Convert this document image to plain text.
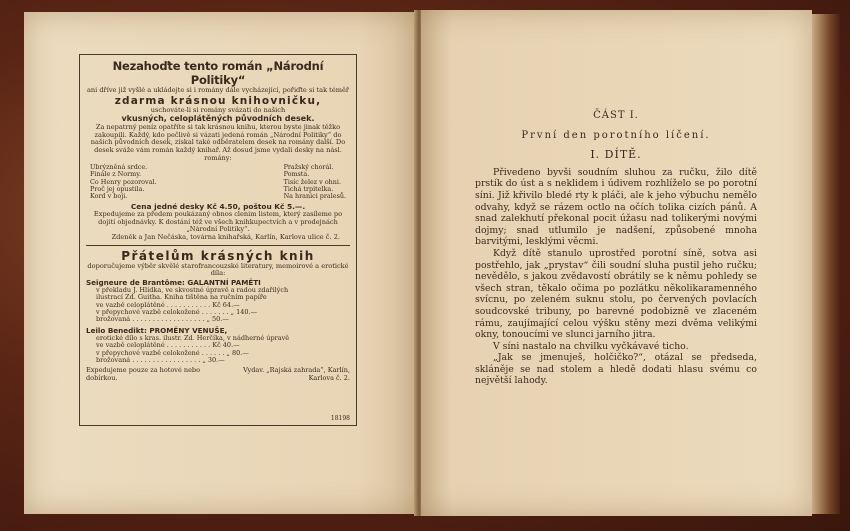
Nezahoďte tento román „Národní Politiky“
ani dříve již vyšlé a ukládejte si i romány dále vycházející, pořiďte si tak téměř
zdarma krásnou knihovničku,
uschováte-li si romány svázati do našich
vkusných, celoplátěných původních desek.
Za nepatrný peníz opatříte si tak krásnou knihu, kterou byste jinak těžko zakoupili. Každý, kdo pečlivě si vázati jedená román „Národní Politiky“ do našich původních desek, získal také odběratelem desek na romány další. Do desek sváže vám román každý knihař. Až dosud jsme vydali desky na násl. romány:
Ubrýzněná srdce.
Finále z Normy.
Co Henry pozoroval.
Proč jej opustila.
Kord v boji.
Pražský chorál.
Pomsta.
Tisíc želez v ohni.
Tichá trpitelka.
Na hranici pralesů.
Cena jedné desky Kč 4.50, poštou Kč 5.—.
Expedujeme za předem poukázaný obnos clenim listem, který zasíleme po dojití objednávky. K dostání též ve všech knihkupectvích a v prodejnách „Národní Politiky“.
Zdeněk a Jan Nečáska, továrna knihařská, Karlín, Karlova ulice č. 2.
Přátelům krásných knih
doporučujeme výběr skvělé starofrancouzské literatury, memoirové a erotické díla:
Seigneure de Brantôme: GALANTNÍ PAMĚTI
v překladu J. Hlídka, ve skvostné úpravě a radou zdařilých
ilustrací Zd. Guitha. Kniha tištěna na ručním papíře
ve vazbě celoplátěné . . . . . . . . . . . Kč 64.—
v přepychové vazbě celokožené . . . . . . . „ 140.—
brožovaná . . . . . . . . . . . . . . . . . . „ 50.—
Leilo Benedikt: PROMĚNY VENUŠE,
erotické dílo s kras. ilustr. Zd. Herčíka, v nádherné úpravě
ve vazbě celoplátěné . . . . . . . . . . . Kč 40.—
v přepychové vazbě celokožené . . . . . . „ 80.—
brožovaná . . . . . . . . . . . . . . . . . „ 30.—
Expedujeme pouze za hotové nebo dobírkou.
Vydav. „Rajská zahrada“, Karlín, Karlova č. 2.
18198
ČÁST I.
První den porotního líčení.
I. DÍTĚ.

Přivedeno byvši soudním sluhou za ručku, žilo dítě prstík do úst a s neklidem i údivem rozhlíželo se po porotní síni. Již křivilo bledé rty k pláči, ale k jeho výbuchu nemělo odvahy, když se rázem octlo na očích tolika cizích pánů. A snad zalekhutí překonal pocit úžasu nad tolikerými novými dojmy; snad utlumilo je nadšení, způsobené mnoha barvitými, lesklými věcmi.

Když dítě stanulo uprostřed porotní síně, sotva asi postřehlo, jak „prystav“ čili soudní sluha pustil jeho ručku; nevědělo, s jakou zvědavostí obrátily se k němu pohledy se všech stran, těkalo očima po pozlátku několikaramenného svícnu, po zeleném suknu stolu, po červených povlacích soudcovské tribuny, po barevné podobizně ve zlaceném rámu, zaujímající celou výšku stěny mezi dvěma velikými okny, tonoucími ve slunci jarního jitra.

V síni nastalo na chvilku vyčkávavé ticho.

„Jak se jmenuješ, holčičko?“, otázal se předseda, skláněje se nad stolem a hledě dodati hlasu svému co největší lahody.
